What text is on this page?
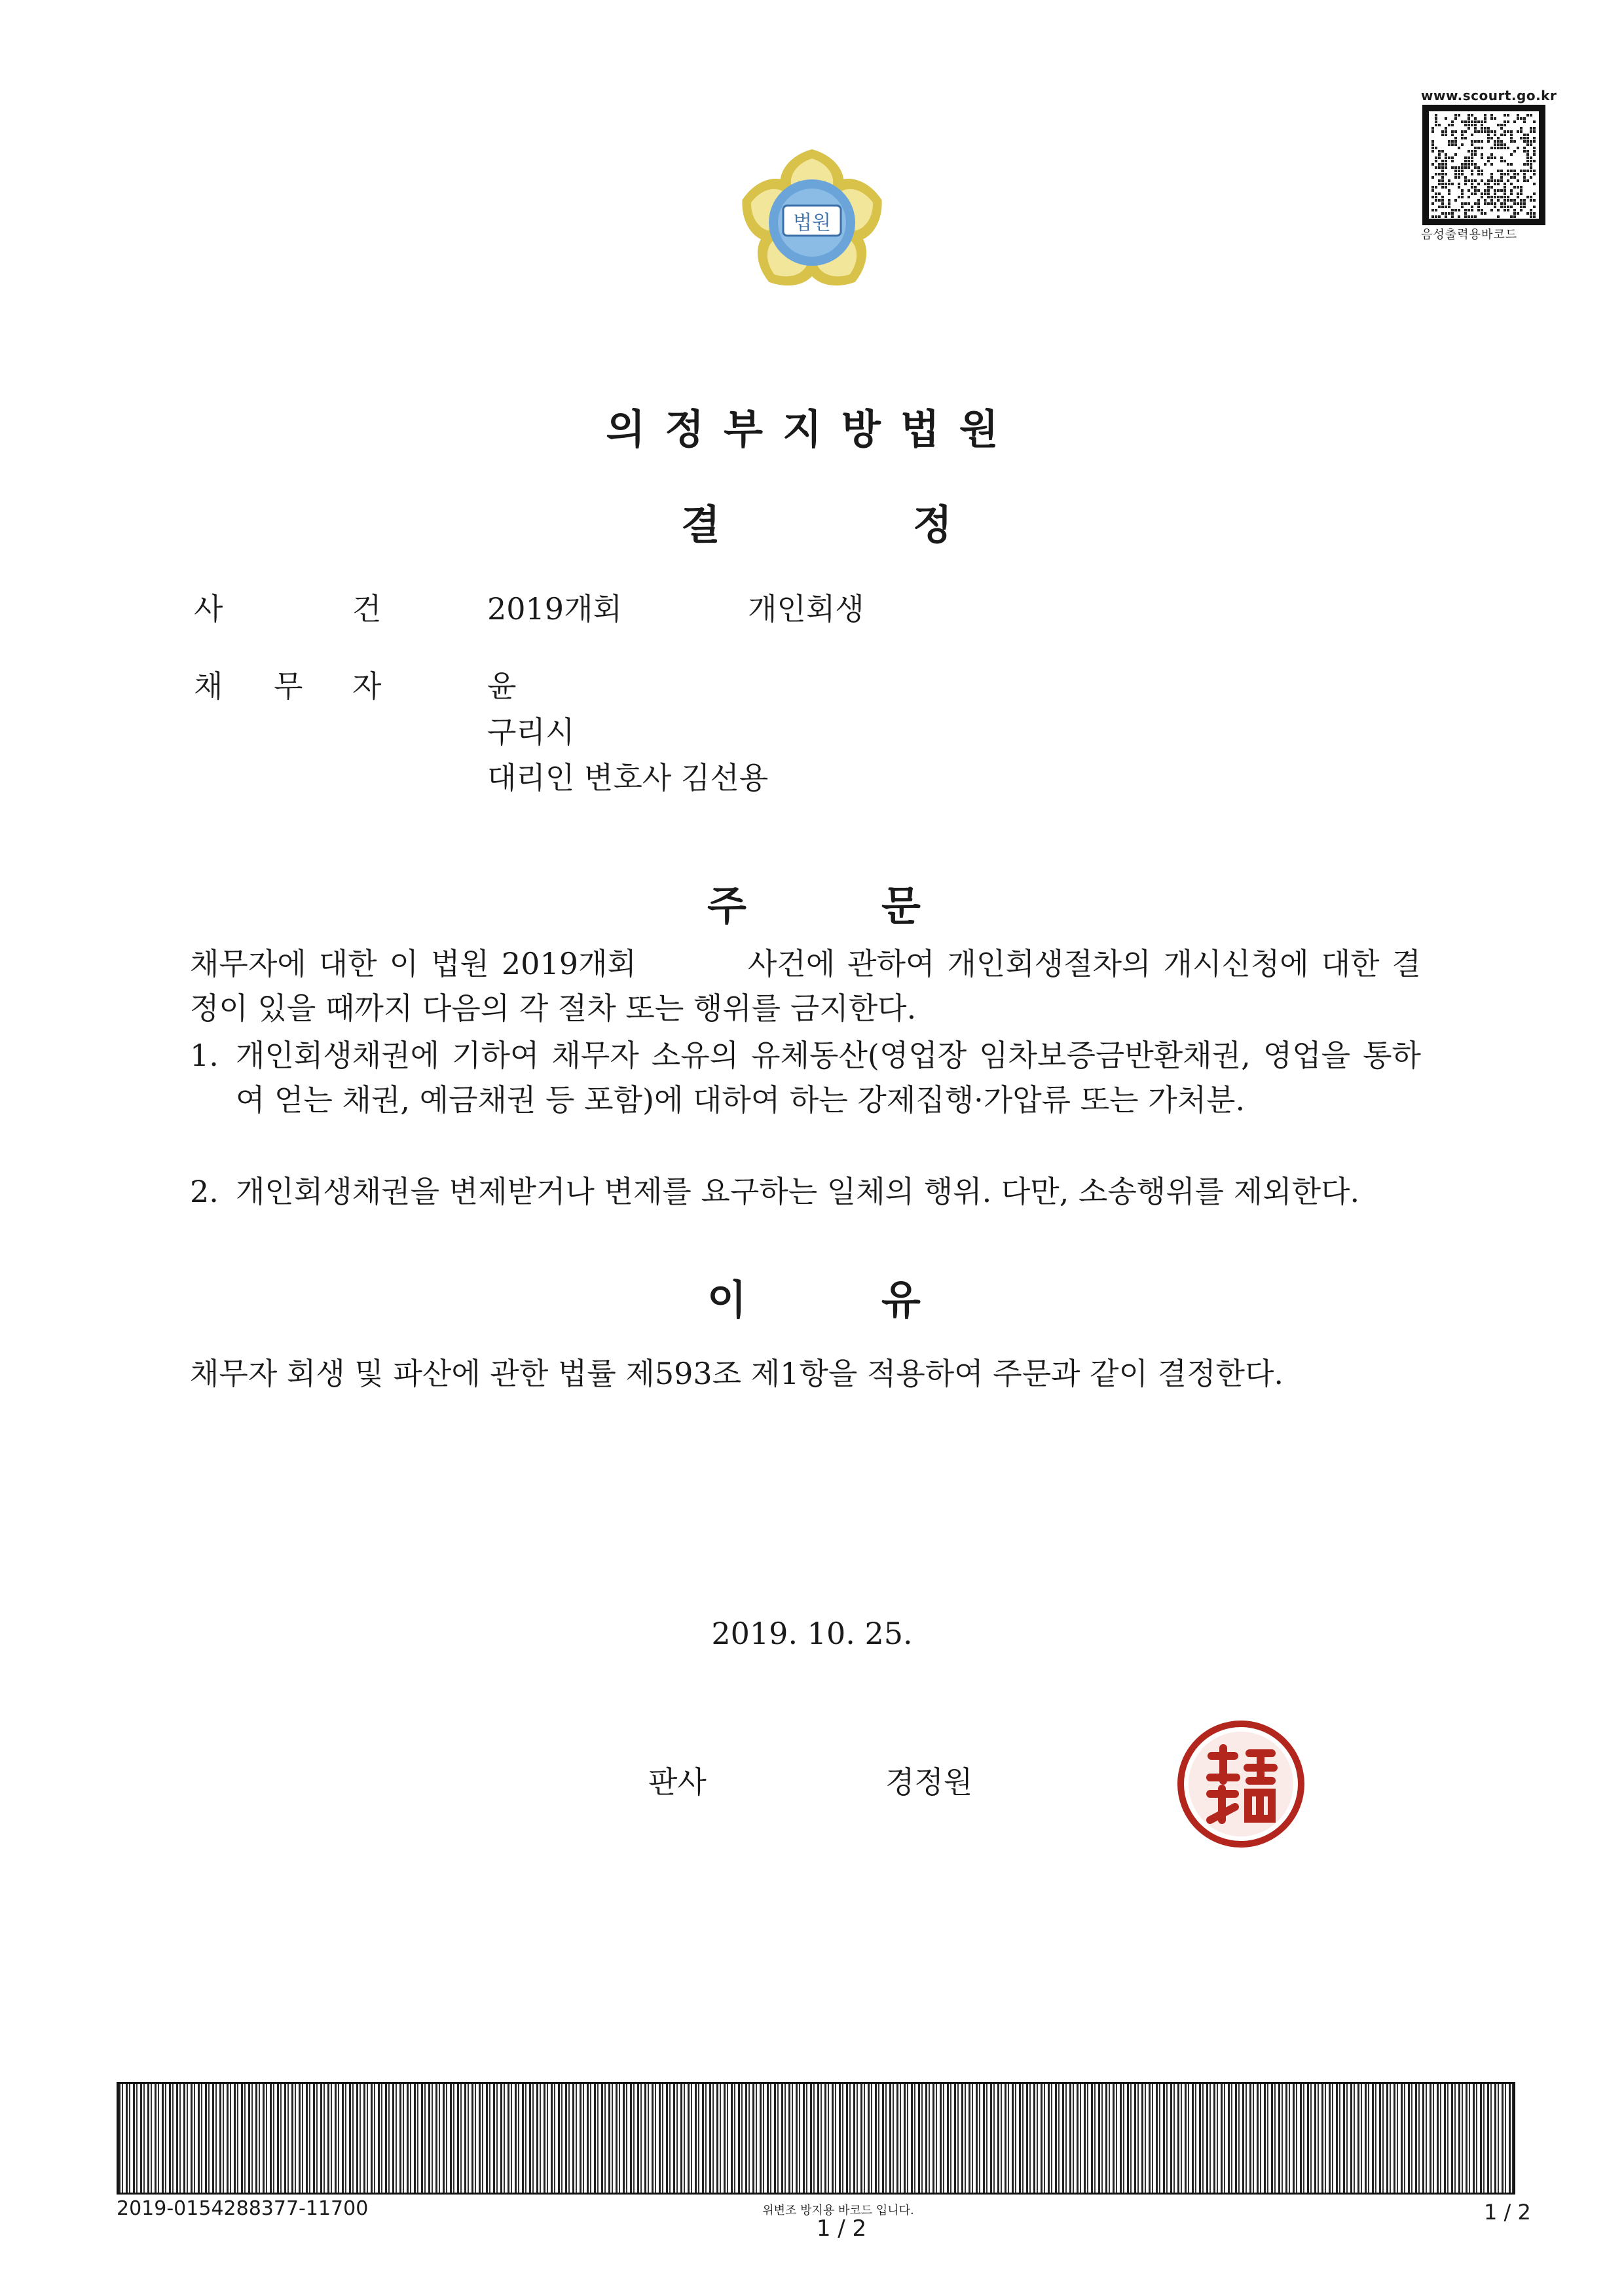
www.scourt.go.kr
음성출력용바코드
법원
의정부지방법원
결	정
사	건	2019개회	개인회생
채 무 자	윤
구리시
대리인 변호사 김선용
주	문
채무자에 대한 이 법원 2019개회	사건에 관하여 개인회생절차의 개시신청에 대한 결정이 있을 때까지 다음의 각 절차 또는 행위를 금지한다.
1. 개인회생채권에 기하여 채무자 소유의 유체동산(영업장 임차보증금반환채권, 영업을 통하여 얻는 채권, 예금채권 등 포함)에 대하여 하는 강제집행·가압류 또는 가처분.
2. 개인회생채권을 변제받거나 변제를 요구하는 일체의 행위. 다만, 소송행위를 제외한다.
이	유
채무자 회생 및 파산에 관한 법률 제593조 제1항을 적용하여 주문과 같이 결정한다.
2019. 10. 25.
판사	경정원
2019-0154288377-11700	위변조 방지용 바코드 입니다.
1 / 2
1 / 2
